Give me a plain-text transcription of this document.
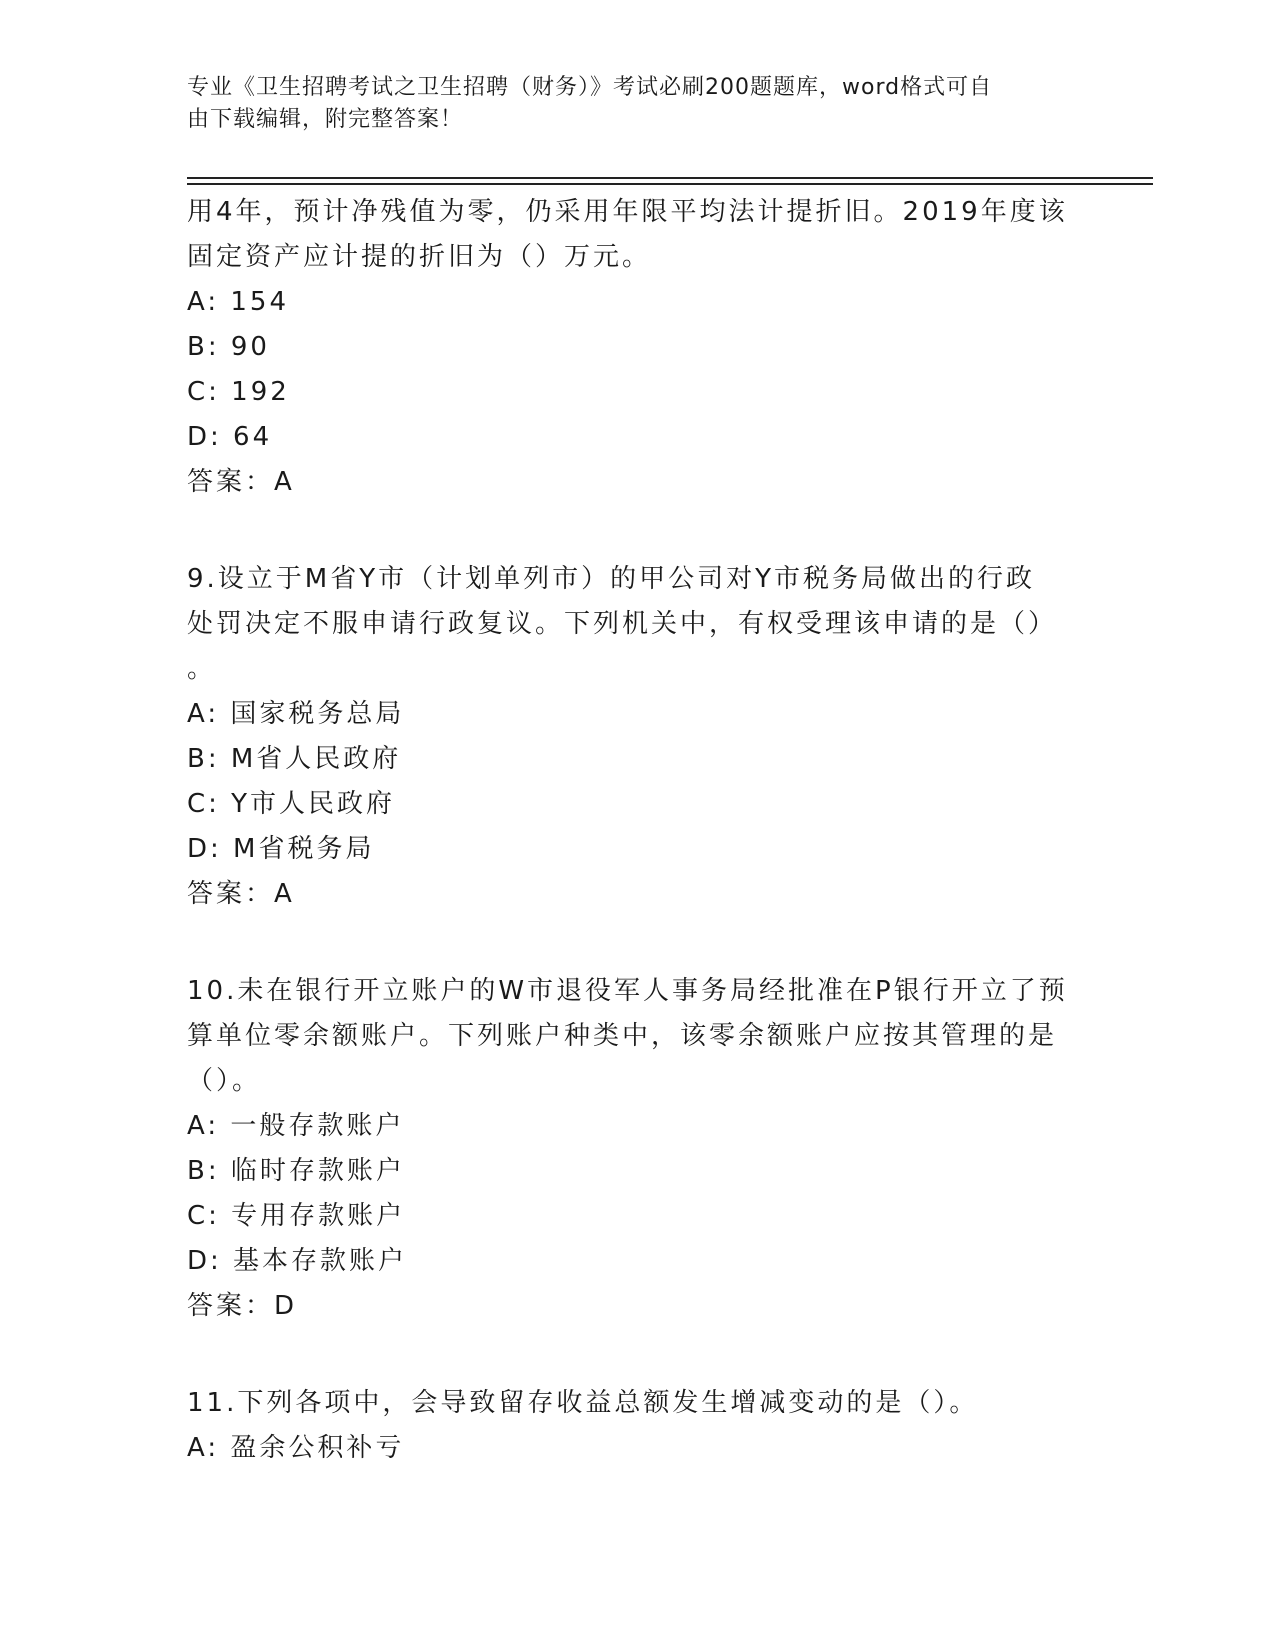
专业《卫生招聘考试之卫生招聘（财务）》考试必刷200题题库，word格式可自
由下载编辑，附完整答案！

用4年，预计净残值为零，仍采用年限平均法计提折旧。2019年度该

固定资产应计提的折旧为（）万元。

A: 154

B: 90

C: 192

D: 64

答案：A

9.设立于M省Y市（计划单列市）的甲公司对Y市税务局做出的行政

处罚决定不服申请行政复议。下列机关中，有权受理该申请的是（）

。

A: 国家税务总局

B: M省人民政府

C: Y市人民政府

D: M省税务局

答案：A

10.未在银行开立账户的W市退役军人事务局经批准在P银行开立了预

算单位零余额账户。下列账户种类中，该零余额账户应按其管理的是

（）。

A: 一般存款账户

B: 临时存款账户

C: 专用存款账户

D: 基本存款账户

答案：D

11.下列各项中，会导致留存收益总额发生增减变动的是（）。

A: 盈余公积补亏
